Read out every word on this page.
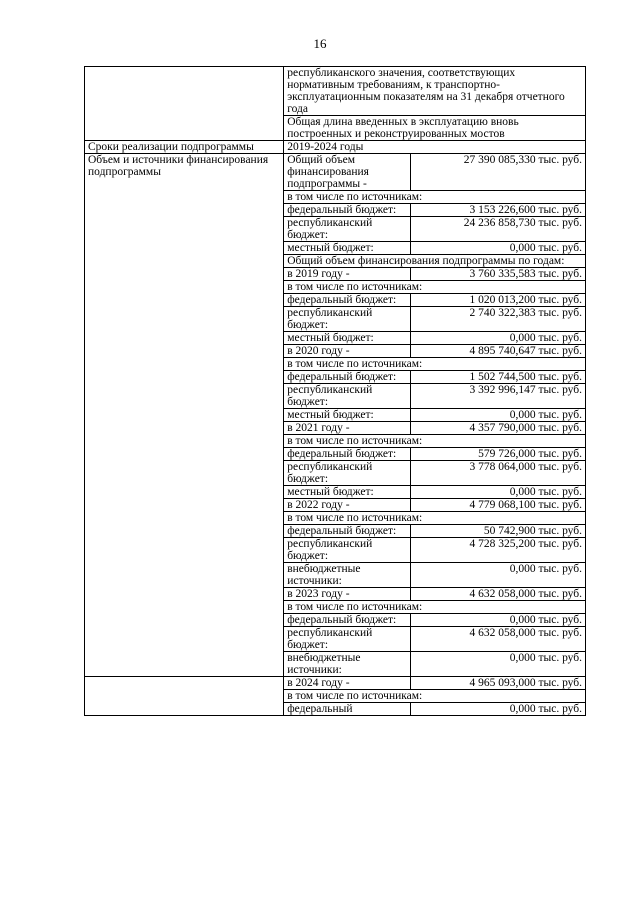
16

республиканского значения, соответствующих нормативным требованиям, к транспортно-эксплуатационным показателям на 31 декабря отчетного года
Общая длина введенных в эксплуатацию вновь построенных и реконструированных мостов

Сроки реализации подпрограммы	2019-2024 годы
Объем и источники финансирования подпрограммы	
Общий объем финансирования подпрограммы -	27 390 085,330 тыс. руб.
в том числе по источникам:
федеральный бюджет:	3 153 226,600 тыс. руб.
республиканский бюджет:	24 236 858,730 тыс. руб.
местный бюджет:	0,000 тыс. руб.
Общий объем финансирования подпрограммы по годам:
в 2019 году -	3 760 335,583 тыс. руб.
в том числе по источникам:
федеральный бюджет:	1 020 013,200 тыс. руб.
республиканский бюджет:	2 740 322,383 тыс. руб.
местный бюджет:	0,000 тыс. руб.
в 2020 году -	4 895 740,647 тыс. руб.
в том числе по источникам:
федеральный бюджет:	1 502 744,500 тыс. руб.
республиканский бюджет:	3 392 996,147 тыс. руб.
местный бюджет:	0,000 тыс. руб.
в 2021 году -	4 357 790,000 тыс. руб.
в том числе по источникам:
федеральный бюджет:	579 726,000 тыс. руб.
республиканский бюджет:	3 778 064,000 тыс. руб.
местный бюджет:	0,000 тыс. руб.
в 2022 году -	4 779 068,100 тыс. руб.
в том числе по источникам:
федеральный бюджет:	50 742,900 тыс. руб.
республиканский бюджет:	4 728 325,200 тыс. руб.
внебюджетные источники:	0,000 тыс. руб.
в 2023 году -	4 632 058,000 тыс. руб.
в том числе по источникам:
федеральный бюджет:	0,000 тыс. руб.
республиканский бюджет:	4 632 058,000 тыс. руб.
внебюджетные источники:	0,000 тыс. руб.

в 2024 году -	4 965 093,000 тыс. руб.
в том числе по источникам:
федеральный	0,000 тыс. руб.
